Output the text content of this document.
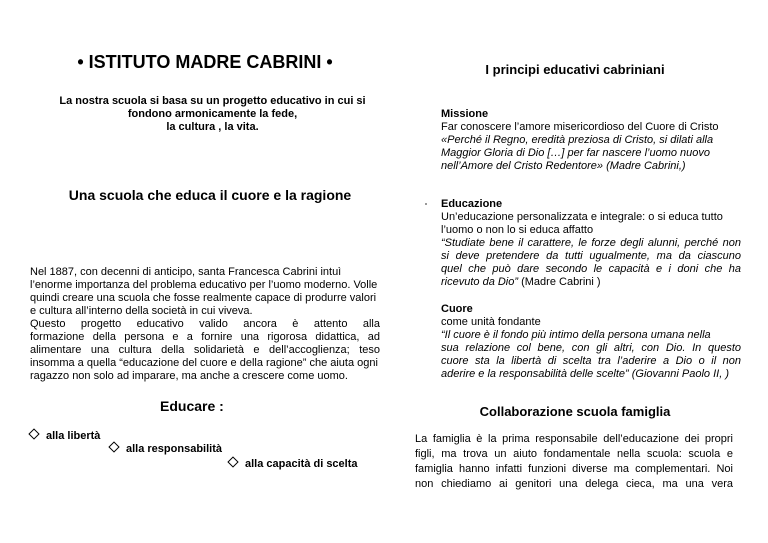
• ISTITUTO MADRE CABRINI •
La nostra scuola si basa su un progetto educativo in cui si
fondono armonicamente la fede,
la cultura , la vita.
Una scuola che educa il cuore e la ragione
Nel 1887, con decenni di anticipo, santa Francesca Cabrini intuì
l’enorme importanza del problema educativo per l’uomo moderno. Volle
quindi creare una scuola che fosse realmente capace di produrre valori
e cultura all’interno della società in cui viveva.
Questo progetto educativo valido ancora è attento alla
formazione della persona e a fornire una rigorosa didattica, ad
alimentare una cultura della solidarietà e dell’accoglienza; teso
insomma a quella “educazione del cuore e della ragione” che aiuta ogni
ragazzo non solo ad imparare, ma anche a crescere come uomo.
Educare :
alla libertà
alla responsabilità
alla capacità di scelta
I principi educativi cabriniani
Missione
Far conoscere l’amore misericordioso del Cuore di Cristo
«Perché il Regno, eredità preziosa di Cristo, si dilati alla
Maggior Gloria di Dio […] per far nascere l’uomo nuovo
nell’Amore del Cristo Redentore» (Madre Cabrini,)
Educazione
Un’educazione personalizzata e integrale: o si educa tutto
l’uomo o non lo si educa affatto
“Studiate bene il carattere, le forze degli alunni, perché non
si deve pretendere da tutti ugualmente, ma da ciascuno
quel che può dare secondo le capacità e i doni che ha
ricevuto da Dio” (Madre Cabrini )
Cuore
come unità fondante
“Il cuore è il fondo più intimo della persona umana nella
sua relazione col bene, con gli altri, con Dio. In questo
cuore sta la libertà di scelta tra l’aderire a Dio o il non
aderire e la responsabilità delle scelte” (Giovanni Paolo II, )
Collaborazione scuola famiglia
La famiglia è la prima responsabile dell’educazione dei propri
figli, ma trova un aiuto fondamentale nella scuola: scuola e
famiglia hanno infatti funzioni diverse ma complementari. Noi
non chiediamo ai genitori una delega cieca, ma una vera
